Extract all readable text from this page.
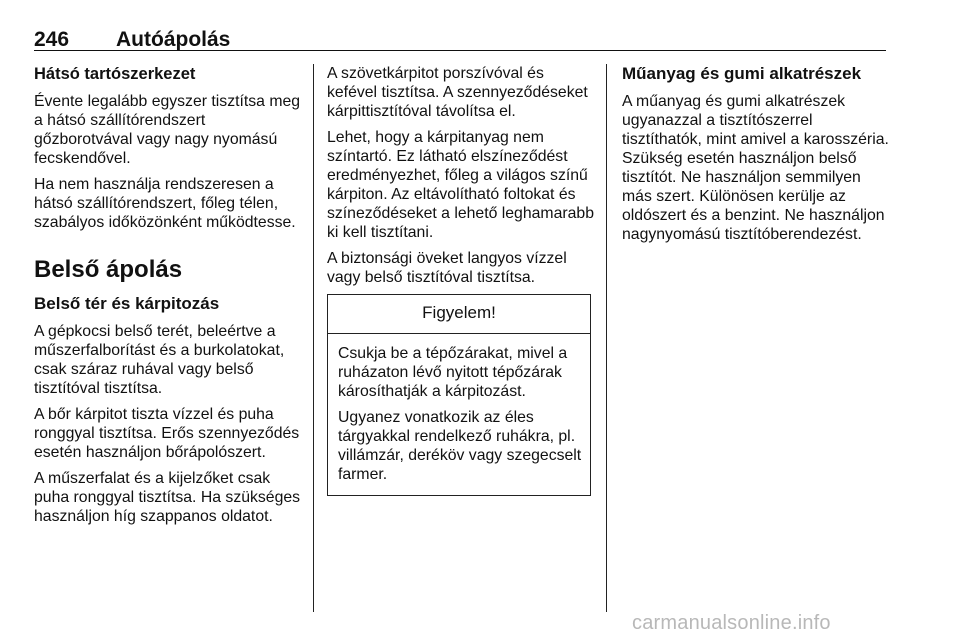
246 Autóápolás
Hátsó tartószerkezet

Évente legalább egyszer tisztítsa meg a hátsó szállítórendszert gőzborotvával vagy nagy nyomású fecskendővel.

Ha nem használja rendszeresen a hátsó szállítórendszert, főleg télen, szabályos időközönként működtesse.

Belső ápolás
Belső tér és kárpitozás

A gépkocsi belső terét, beleértve a műszerfalborítást és a burkolatokat, csak száraz ruhával vagy belső tisztítóval tisztítsa.

A bőr kárpitot tiszta vízzel és puha ronggyal tisztítsa. Erős szennyeződés esetén használjon bőrápolószert.

A műszerfalat és a kijelzőket csak puha ronggyal tisztítsa. Ha szükséges használjon híg szappanos oldatot.

A szövetkárpitot porszívóval és kefével tisztítsa. A szennyeződéseket kárpittisztítóval távolítsa el.

Lehet, hogy a kárpitanyag nem színtartó. Ez látható elszíneződést eredményezhet, főleg a világos színű kárpiton. Az eltávolítható foltokat és színeződéseket a lehető leghamarabb ki kell tisztítani.

A biztonsági öveket langyos vízzel vagy belső tisztítóval tisztítsa.

Figyelem!

Csukja be a tépőzárakat, mivel a ruházaton lévő nyitott tépőzárak károsíthatják a kárpitozást.

Ugyanez vonatkozik az éles tárgyakkal rendelkező ruhákra, pl. villámzár, deréköv vagy szegecselt farmer.

Műanyag és gumi alkatrészek

A műanyag és gumi alkatrészek ugyanazzal a tisztítószerrel tisztíthatók, mint amivel a karosszéria. Szükség esetén használjon belső tisztítót. Ne használjon semmilyen más szert. Különösen kerülje az oldószert és a benzint. Ne használjon nagynyomású tisztítóberendezést.

carmanualsonline.info
